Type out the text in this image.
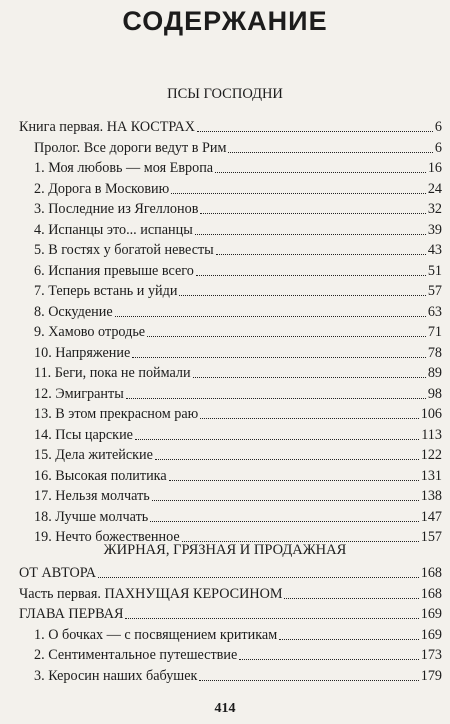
СОДЕРЖАНИЕ
ПСЫ ГОСПОДНИ
Книга первая. НА КОСТРАХ	6
Пролог. Все дороги ведут в Рим	6
1. Моя любовь — моя Европа	16
2. Дорога в Московию	24
3. Последние из Ягеллонов	32
4. Испанцы это... испанцы	39
5. В гостях у богатой невесты	43
6. Испания превыше всего	51
7. Теперь встань и уйди	57
8. Оскудение	63
9. Хамово отродье	71
10. Напряжение	78
11. Беги, пока не поймали	89
12. Эмигранты	98
13. В этом прекрасном раю	106
14. Псы царские	113
15. Дела житейские	122
16. Высокая политика	131
17. Нельзя молчать	138
18. Лучше молчать	147
19. Нечто божественное	157
ЖИРНАЯ, ГРЯЗНАЯ И ПРОДАЖНАЯ
ОТ АВТОРА	168
Часть первая. ПАХНУЩАЯ КЕРОСИНОМ	168
ГЛАВА ПЕРВАЯ	169
1. О бочках — с посвящением критикам	169
2. Сентиментальное путешествие	173
3. Керосин наших бабушек	179
414
